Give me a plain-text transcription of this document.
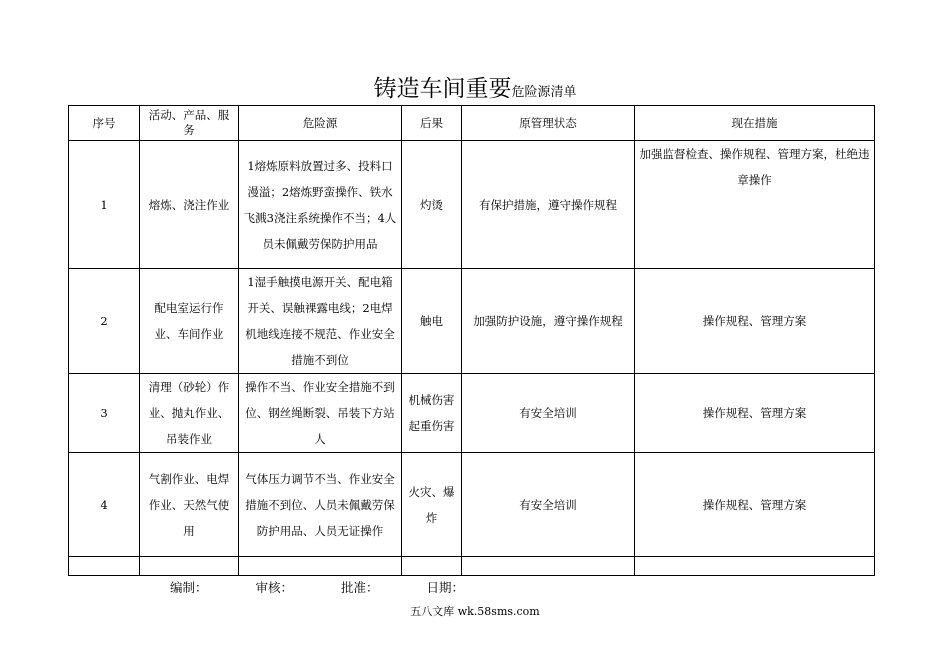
铸造车间重要危险源清单
序号	活动、产品、服务	危险源	后果	原管理状态	现在措施
1	熔炼、浇注作业	1熔炼原料放置过多、投料口漫溢；2熔炼野蛮操作、铁水飞溅3浇注系统操作不当；4人员未佩戴劳保防护用品	灼烫	有保护措施，遵守操作规程	加强监督检查、操作规程、管理方案，杜绝违章操作
2	配电室运行作业、车间作业	1湿手触摸电源开关、配电箱开关、误触裸露电线；2电焊机地线连接不规范、作业安全措施不到位	触电	加强防护设施，遵守操作规程	操作规程、管理方案
3	清理（砂轮）作业、抛丸作业、吊装作业	操作不当、作业安全措施不到位、钢丝绳断裂、吊装下方站人	机械伤害起重伤害	有安全培训	操作规程、管理方案
4	气割作业、电焊作业、天然气使用	气体压力调节不当、作业安全措施不到位、人员未佩戴劳保防护用品、人员无证操作	火灾、爆炸	有安全培训	操作规程、管理方案

编制：	审核：	批准：	日期：
五八文库 wk.58sms.com
